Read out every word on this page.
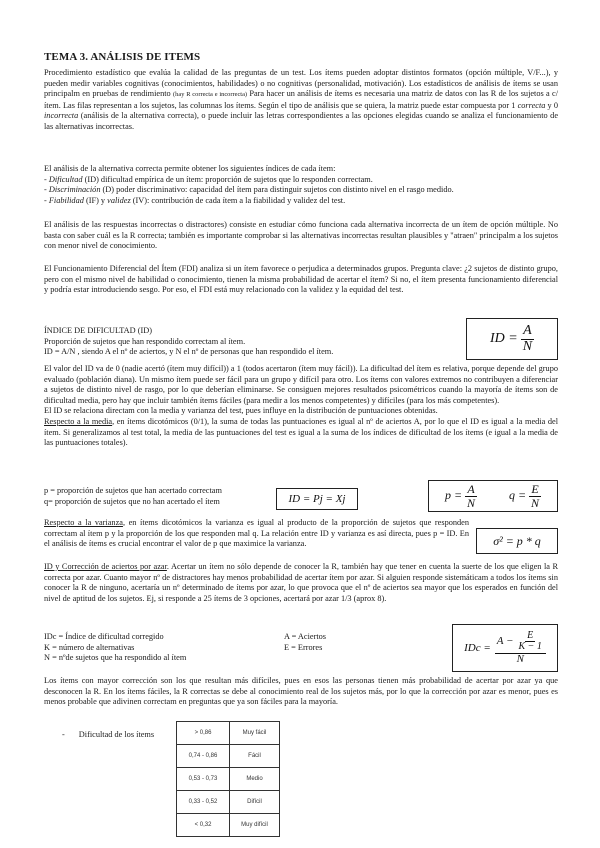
TEMA 3. ANÁLISIS DE ITEMS

Procedimiento estadístico que evalúa la calidad de las preguntas de un test. Los ítems pueden adoptar distintos formatos (opción múltiple, V/F...), y pueden medir variables cognitivas (conocimientos, habilidades) o no cognitivas (personalidad, motivación). Los estadísticos de análisis de ítems se usan principalm en pruebas de rendimiento (hay R correcta e incorrecta) Para hacer un análisis de ítems es necesaria una matriz de datos con las R de los sujetos a c/ítem. Las filas representan a los sujetos, las columnas los ítems. Según el tipo de análisis que se quiera, la matriz puede estar compuesta por 1 correcta y 0 incorrecta (análisis de la alternativa correcta), o puede incluir las letras correspondientes a las opciones elegidas cuando se analiza el funcionamiento de las alternativas incorrectas.

El análisis de la alternativa correcta permite obtener los siguientes índices de cada ítem:

- Dificultad (ID) dificultad empírica de un ítem: proporción de sujetos que lo responden correctam.

- Discriminación (D) poder discriminativo: capacidad del ítem para distinguir sujetos con distinto nivel en el rasgo medido.

- Fiabilidad (IF) y validez (IV): contribución de cada ítem a la fiabilidad y validez del test.

El análisis de las respuestas incorrectas o distractores) consiste en estudiar cómo funciona cada alternativa incorrecta de un ítem de opción múltiple. No basta con saber cuál es la R correcta; también es importante comprobar si las alternativas incorrectas resultan plausibles y "atraen" principalm a los sujetos con menor nivel de conocimiento.

El Funcionamiento Diferencial del Ítem (FDI) analiza si un ítem favorece o perjudica a determinados grupos. Pregunta clave: ¿2 sujetos de distinto grupo, pero con el mismo nivel de habilidad o conocimiento, tienen la misma probabilidad de acertar el ítem? Si no, el ítem presenta funcionamiento diferencial y podría estar introduciendo sesgo. Por eso, el FDI está muy relacionado con la validez y la equidad del test.

ÍNDICE DE DIFICULTAD (ID)

Proporción de sujetos que han respondido correctam al ítem.

ID = A/N , siendo A el nº de aciertos, y N el nº de personas que han respondido el ítem.

ID = $\frac{A}{N}$

El valor del ID va de 0 (nadie acertó (ítem muy difícil)) a 1 (todos acertaron (ítem muy fácil)). La dificultad del ítem es relativa, porque depende del grupo evaluado (población diana). Un mismo ítem puede ser fácil para un grupo y difícil para otro. Los ítems con valores extremos no contribuyen a diferenciar a sujetos de distinto nivel de rasgo, por lo que deberían eliminarse. Se consiguen mejores resultados psicométricos cuando la mayoría de ítems son de dificultad media, pero hay que incluir también ítems fáciles (para medir a los menos competentes) y difíciles (para los más competentes).

El ID se relaciona directam con la media y varianza del test, pues influye en la distribución de puntuaciones obtenidas.

Respecto a la media, en ítems dicotómicos (0/1), la suma de todas las puntuaciones es igual al nº de aciertos A, por lo que el ID es igual a la media del ítem. Si generalizamos al test total, la media de las puntuaciones del test es igual a la suma de los índices de dificultad de los ítems (e igual a la media de las puntuaciones totales).

p = proporción de sujetos que han acertado correctam

q= proporción de sujetos que no han acertado el ítem	ID = Pj = Xj	$p = \frac{A}{N}$	$q = \frac{E}{N}$

Respecto a la varianza, en ítems dicotómicos la varianza es igual al producto de la proporción de sujetos que responden correctam al ítem p y la proporción de los que responden mal q. La relación entre ID y varianza es así directa, pues p = ID. En el análisis de ítems es crucial encontrar el valor de p que maximice la varianza.	σ² = p * q

ID y Corrección de aciertos por azar. Acertar un ítem no sólo depende de conocer la R, también hay que tener en cuenta la suerte de los que eligen la R correcta por azar. Cuanto mayor nº de distractores hay menos probabilidad de acertar ítem por azar. Si alguien responde sistemáticam a todos los ítems sin conocer la R de ninguno, acertaría un nº determinado de ítems por azar, lo que provoca que el nº de aciertos sea mayor que los esperados en función del nivel de aptitud de los sujetos. Ej, si responde a 25 ítems de 3 opciones, acertará por azar 1/3 (aprox 8).

IDc = Índice de dificultad corregido
K = número de alternativas
N = nºde sujetos que ha respondido al ítem
A = Aciertos
E = Errores	IDc = $\frac{A - \frac{E}{K - 1}}{N}$

Los ítems con mayor corrección son los que resultan más difíciles, pues en esos las personas tienen más probabilidad de acertar por azar ya que desconocen la R. En los ítems fáciles, la R correctas se debe al conocimiento real de los sujetos más, por lo que la corrección por azar es menor, pues es menos probable que adivinen correctam en preguntas que ya son fáciles para la mayoría.

- Dificultad de los ítems	> 0,86	Muy fácil
0,74 - 0,86	Fácil
0,53 - 0,73	Medio
0,33 - 0,52	Difícil
< 0,32	Muy difícil
